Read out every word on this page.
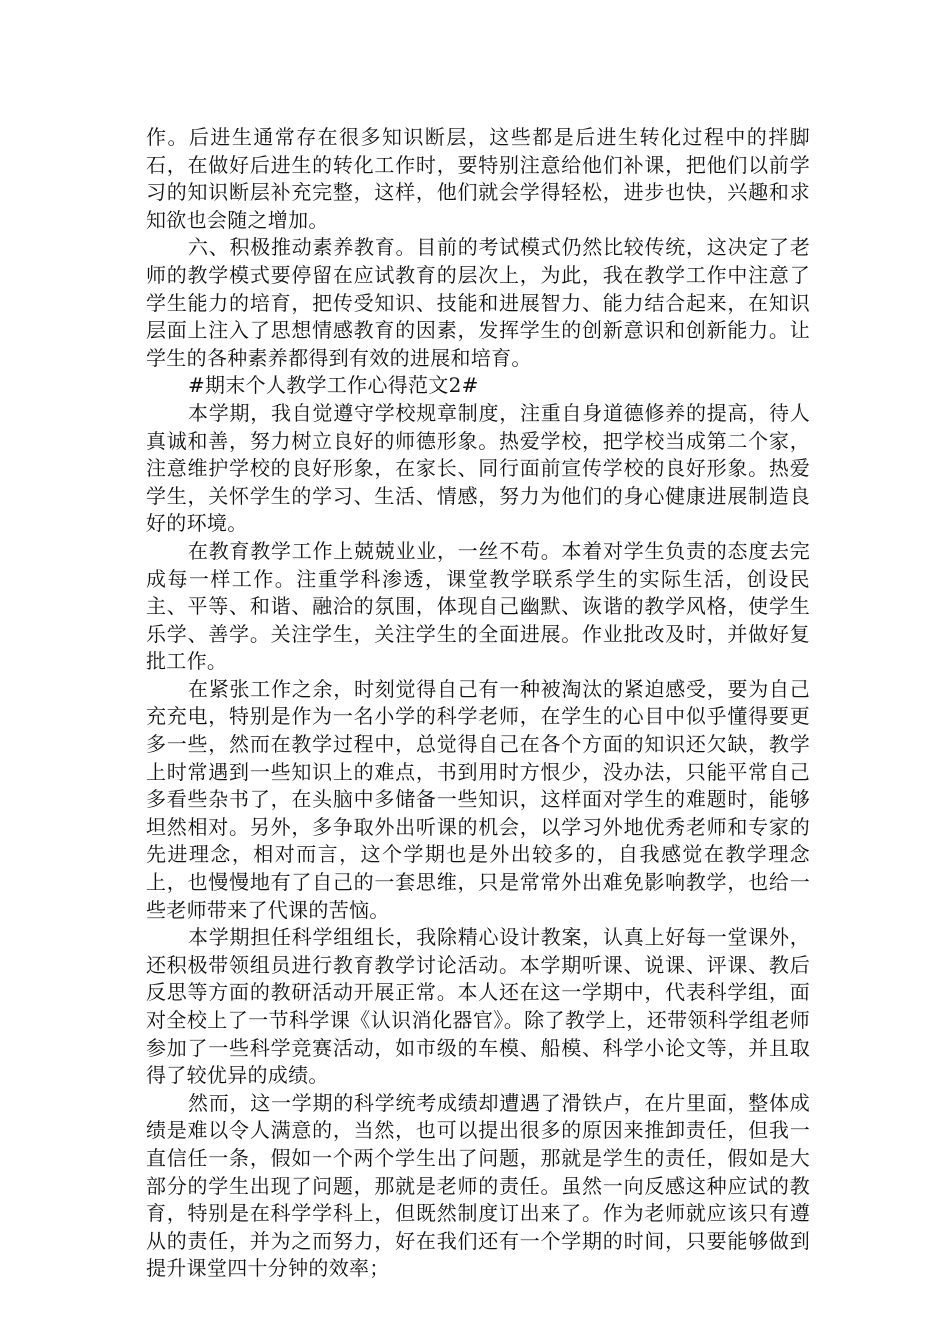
作。后进生通常存在很多知识断层，这些都是后进生转化过程中的拌脚石，在做好后进生的转化工作时，要特别注意给他们补课，把他们以前学习的知识断层补充完整，这样，他们就会学得轻松，进步也快，兴趣和求知欲也会随之增加。

六、积极推动素养教育。目前的考试模式仍然比较传统，这决定了老师的教学模式要停留在应试教育的层次上，为此，我在教学工作中注意了学生能力的培育，把传受知识、技能和进展智力、能力结合起来，在知识层面上注入了思想情感教育的因素，发挥学生的创新意识和创新能力。让学生的各种素养都得到有效的进展和培育。

#期末个人教学工作心得范文2#

本学期，我自觉遵守学校规章制度，注重自身道德修养的提高，待人真诚和善，努力树立良好的师德形象。热爱学校，把学校当成第二个家，注意维护学校的良好形象，在家长、同行面前宣传学校的良好形象。热爱学生，关怀学生的学习、生活、情感，努力为他们的身心健康进展制造良好的环境。

在教育教学工作上兢兢业业，一丝不苟。本着对学生负责的态度去完成每一样工作。注重学科渗透，课堂教学联系学生的实际生活，创设民主、平等、和谐、融洽的氛围，体现自己幽默、诙谐的教学风格，使学生乐学、善学。关注学生，关注学生的全面进展。作业批改及时，并做好复批工作。

在紧张工作之余，时刻觉得自己有一种被淘汰的紧迫感受，要为自己充充电，特别是作为一名小学的科学老师，在学生的心目中似乎懂得要更多一些，然而在教学过程中，总觉得自己在各个方面的知识还欠缺，教学上时常遇到一些知识上的难点，书到用时方恨少，没办法，只能平常自己多看些杂书了，在头脑中多储备一些知识，这样面对学生的难题时，能够坦然相对。另外，多争取外出听课的机会，以学习外地优秀老师和专家的先进理念，相对而言，这个学期也是外出较多的，自我感觉在教学理念上，也慢慢地有了自己的一套思维，只是常常外出难免影响教学，也给一些老师带来了代课的苦恼。

本学期担任科学组组长，我除精心设计教案，认真上好每一堂课外，还积极带领组员进行教育教学讨论活动。本学期听课、说课、评课、教后反思等方面的教研活动开展正常。本人还在这一学期中，代表科学组，面对全校上了一节科学课《认识消化器官》。除了教学上，还带领科学组老师参加了一些科学竞赛活动，如市级的车模、船模、科学小论文等，并且取得了较优异的成绩。

然而，这一学期的科学统考成绩却遭遇了滑铁卢，在片里面，整体成绩是难以令人满意的，当然，也可以提出很多的原因来推卸责任，但我一直信任一条，假如一个两个学生出了问题，那就是学生的责任，假如是大部分的学生出现了问题，那就是老师的责任。虽然一向反感这种应试的教育，特别是在科学学科上，但既然制度订出来了。作为老师就应该只有遵从的责任，并为之而努力，好在我们还有一个学期的时间，只要能够做到提升课堂四十分钟的效率；
